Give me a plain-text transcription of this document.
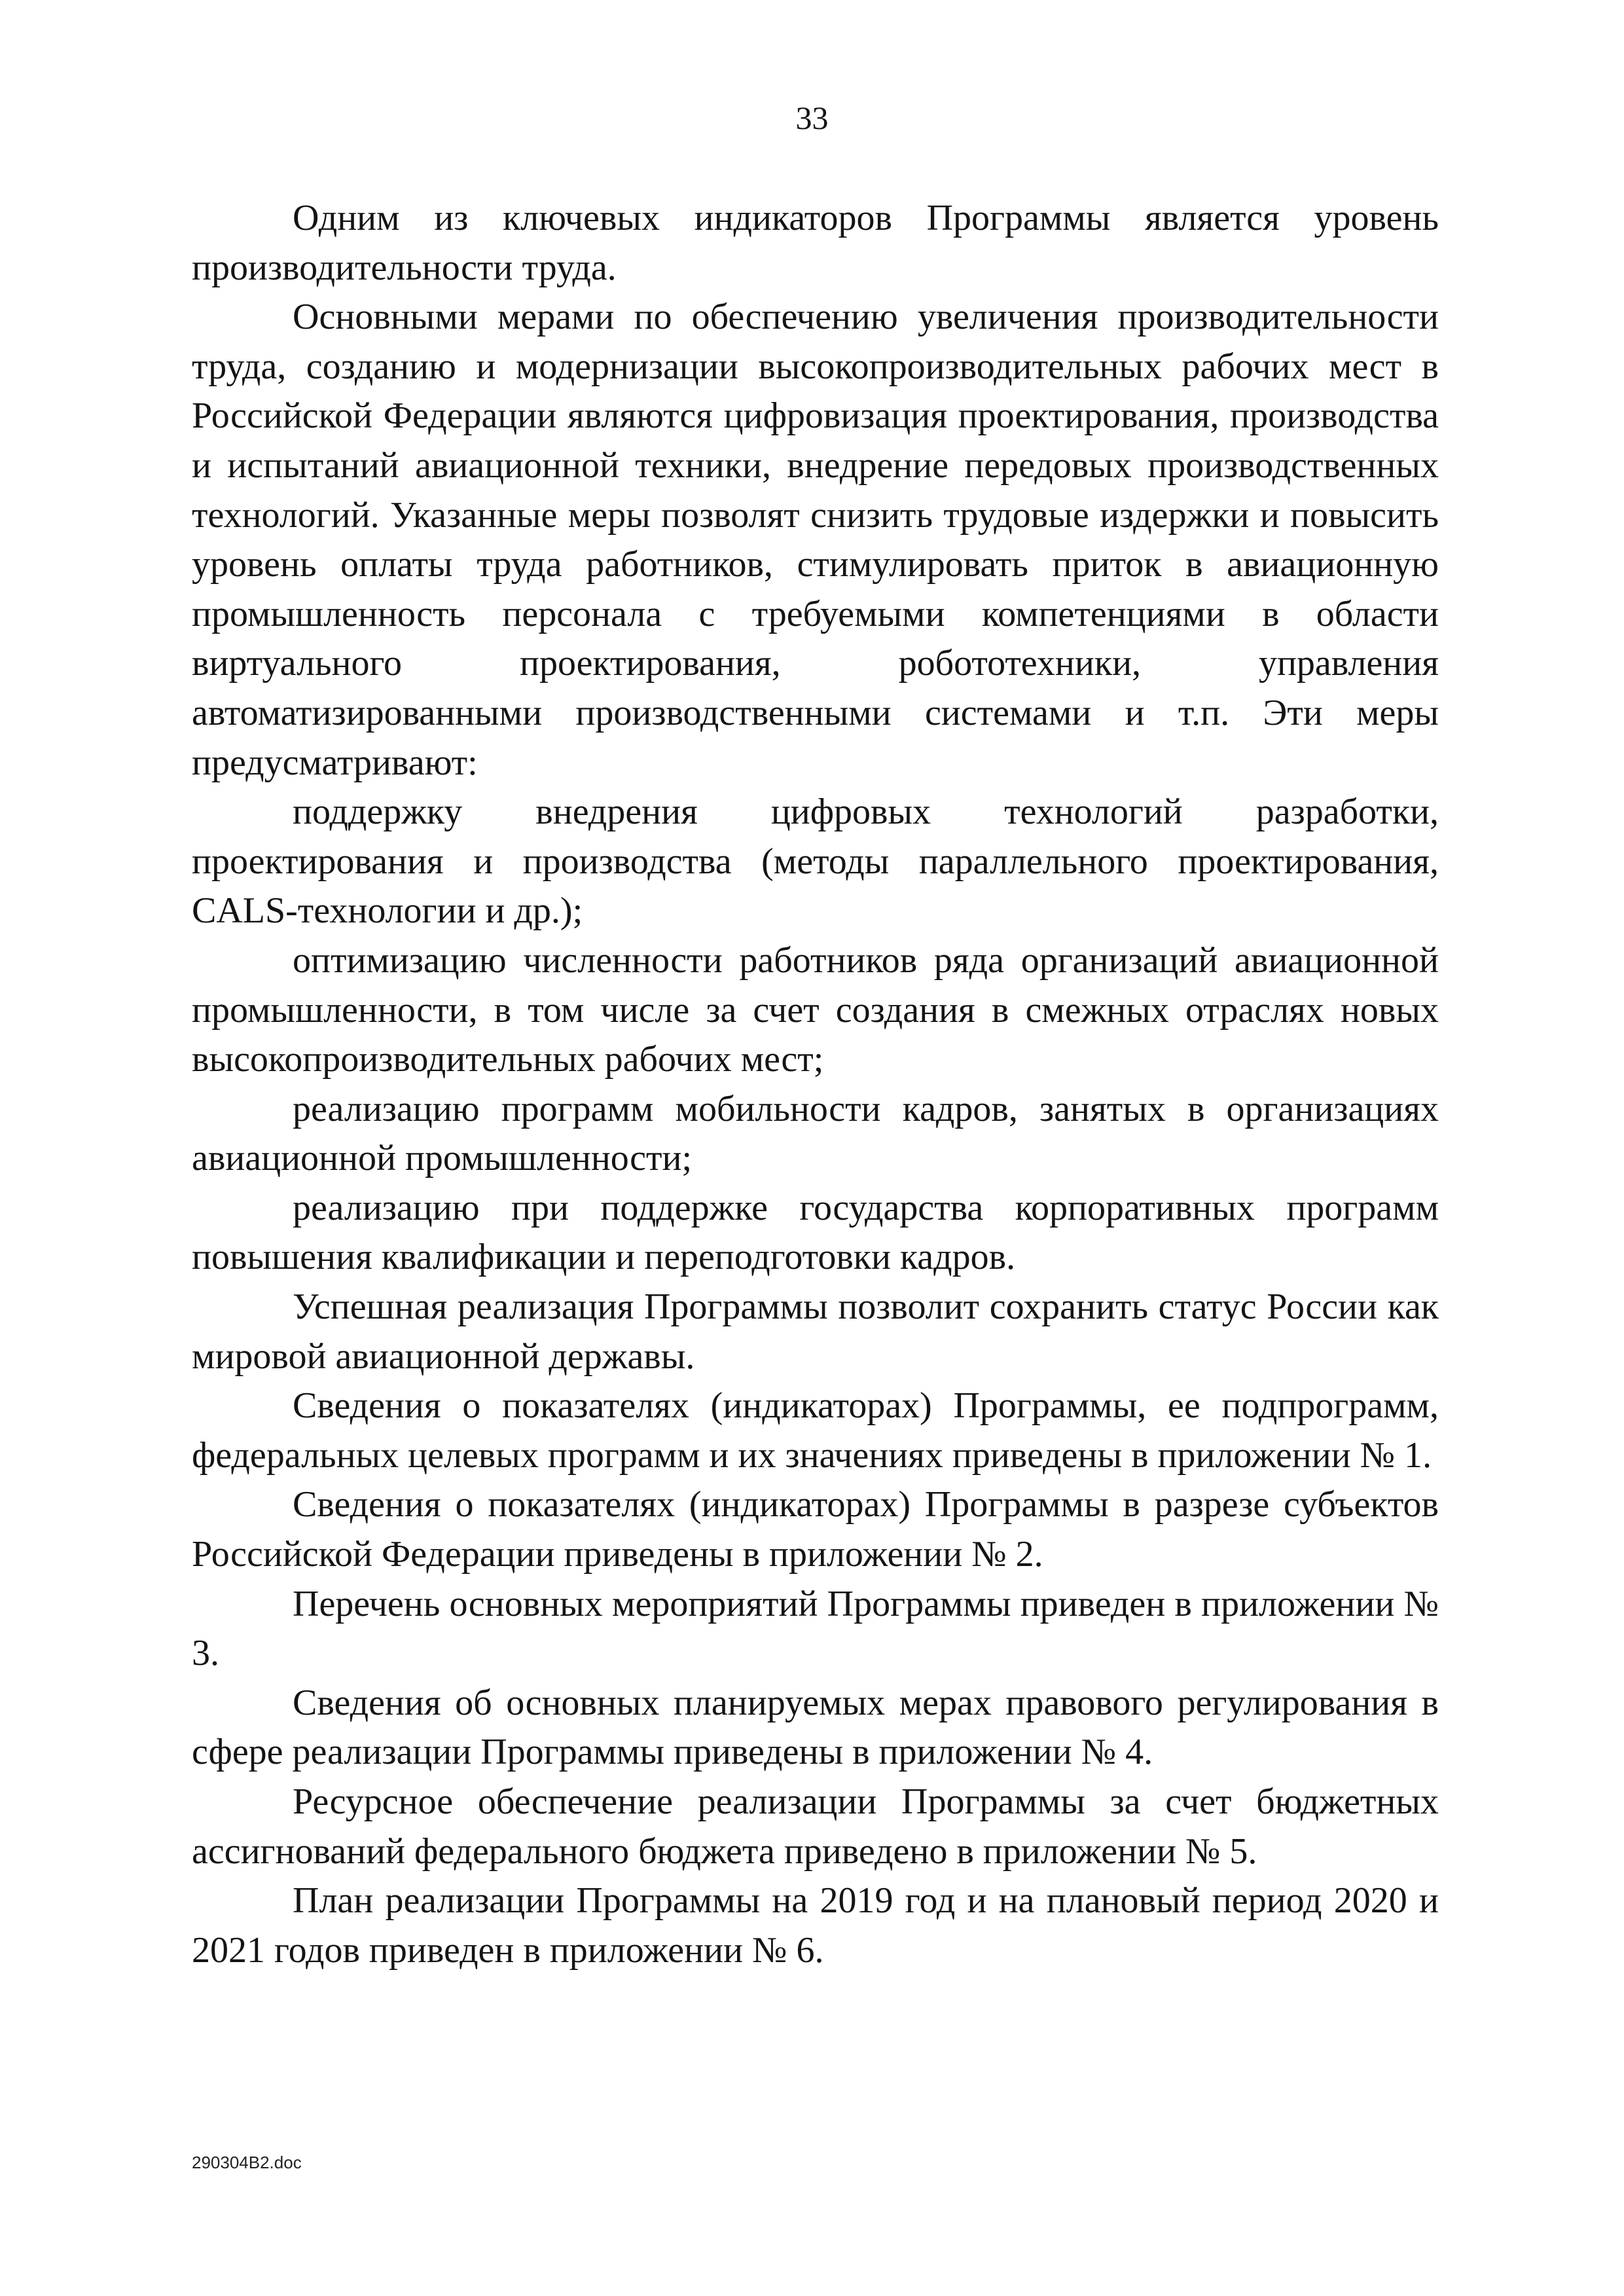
33

Одним из ключевых индикаторов Программы является уровень производительности труда.

Основными мерами по обеспечению увеличения производительности труда, созданию и модернизации высокопроизводительных рабочих мест в Российской Федерации являются цифровизация проектирования, производства и испытаний авиационной техники, внедрение передовых производственных технологий. Указанные меры позволят снизить трудовые издержки и повысить уровень оплаты труда работников, стимулировать приток в авиационную промышленность персонала с требуемыми компетенциями в области виртуального проектирования, робототехники, управления автоматизированными производственными системами и т.п. Эти меры предусматривают:

поддержку внедрения цифровых технологий разработки, проектирования и производства (методы параллельного проектирования, CALS-технологии и др.);

оптимизацию численности работников ряда организаций авиационной промышленности, в том числе за счет создания в смежных отраслях новых высокопроизводительных рабочих мест;

реализацию программ мобильности кадров, занятых в организациях авиационной промышленности;

реализацию при поддержке государства корпоративных программ повышения квалификации и переподготовки кадров.

Успешная реализация Программы позволит сохранить статус России как мировой авиационной державы.

Сведения о показателях (индикаторах) Программы, ее подпрограмм, федеральных целевых программ и их значениях приведены в приложении № 1.

Сведения о показателях (индикаторах) Программы в разрезе субъектов Российской Федерации приведены в приложении № 2.

Перечень основных мероприятий Программы приведен в приложении № 3.

Сведения об основных планируемых мерах правового регулирования в сфере реализации Программы приведены в приложении № 4.

Ресурсное обеспечение реализации Программы за счет бюджетных ассигнований федерального бюджета приведено в приложении № 5.

План реализации Программы на 2019 год и на плановый период 2020 и 2021 годов приведен в приложении № 6.

290304B2.doc
